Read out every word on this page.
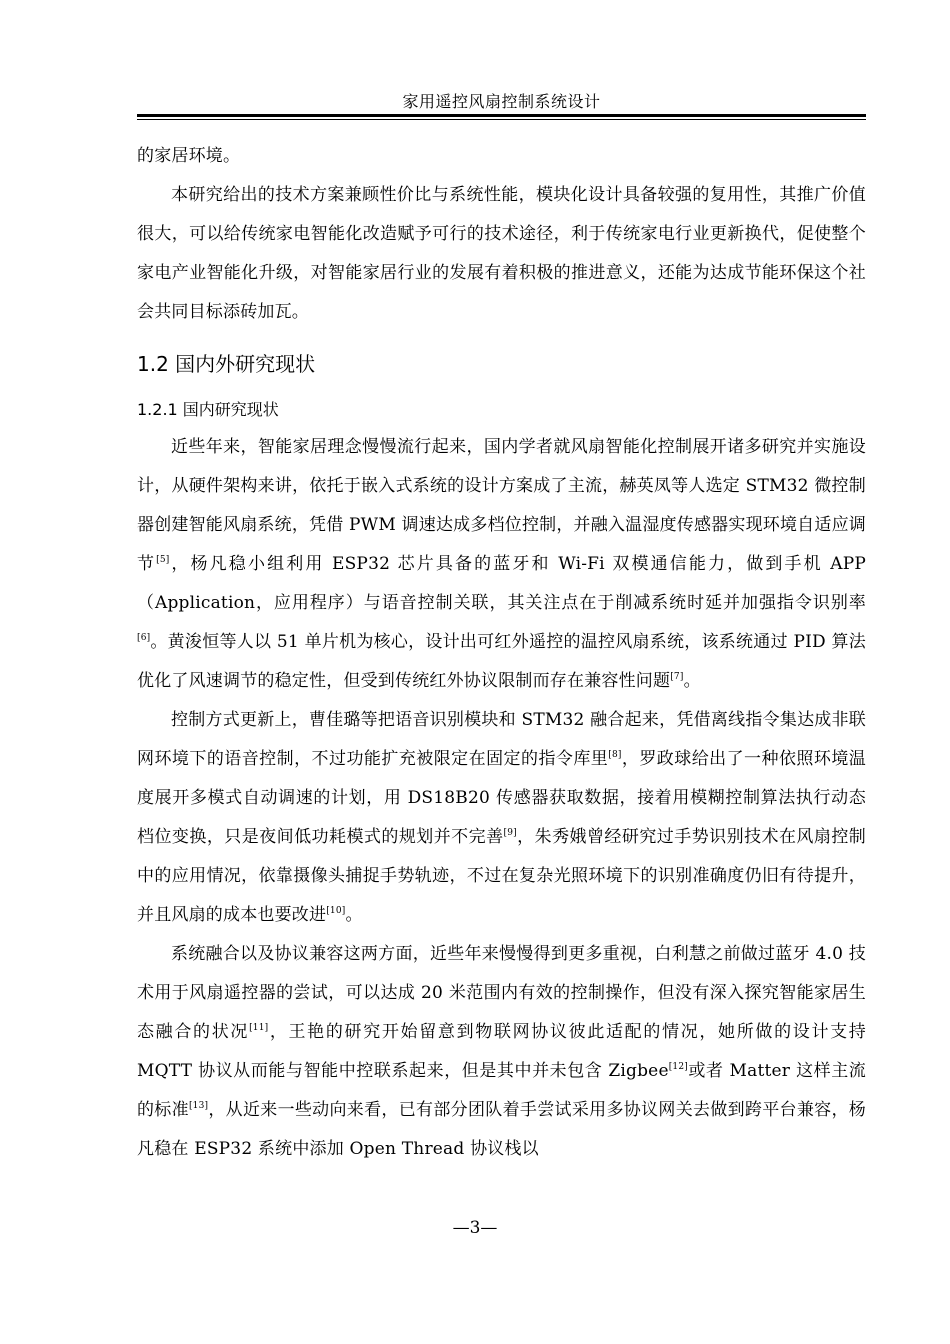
家用遥控风扇控制系统设计

的家居环境。

本研究给出的技术方案兼顾性价比与系统性能，模块化设计具备较强的复用性，其推广价值很大，可以给传统家电智能化改造赋予可行的技术途径，利于传统家电行业更新换代，促使整个家电产业智能化升级，对智能家居行业的发展有着积极的推进意义，还能为达成节能环保这个社会共同目标添砖加瓦。

1.2 国内外研究现状
1.2.1 国内研究现状

近些年来，智能家居理念慢慢流行起来，国内学者就风扇智能化控制展开诸多研究并实施设计，从硬件架构来讲，依托于嵌入式系统的设计方案成了主流，赫英凤等人选定 STM32 微控制器创建智能风扇系统，凭借 PWM 调速达成多档位控制，并融入温湿度传感器实现环境自适应调节[5]，杨凡稳小组利用 ESP32 芯片具备的蓝牙和 Wi-Fi 双模通信能力，做到手机 APP（Application，应用程序）与语音控制关联，其关注点在于削减系统时延并加强指令识别率[6]。黄浚恒等人以 51 单片机为核心，设计出可红外遥控的温控风扇系统，该系统通过 PID 算法优化了风速调节的稳定性，但受到传统红外协议限制而存在兼容性问题[7]。

控制方式更新上，曹佳璐等把语音识别模块和 STM32 融合起来，凭借离线指令集达成非联网环境下的语音控制，不过功能扩充被限定在固定的指令库里[8]，罗政球给出了一种依照环境温度展开多模式自动调速的计划，用 DS18B20 传感器获取数据，接着用模糊控制算法执行动态档位变换，只是夜间低功耗模式的规划并不完善[9]，朱秀娥曾经研究过手势识别技术在风扇控制中的应用情况，依靠摄像头捕捉手势轨迹，不过在复杂光照环境下的识别准确度仍旧有待提升，并且风扇的成本也要改进[10]。

系统融合以及协议兼容这两方面，近些年来慢慢得到更多重视，白利慧之前做过蓝牙 4.0 技术用于风扇遥控器的尝试，可以达成 20 米范围内有效的控制操作，但没有深入探究智能家居生态融合的状况[11]，王艳的研究开始留意到物联网协议彼此适配的情况，她所做的设计支持 MQTT 协议从而能与智能中控联系起来，但是其中并未包含 Zigbee[12]或者 Matter 这样主流的标准[13]，从近来一些动向来看，已有部分团队着手尝试采用多协议网关去做到跨平台兼容，杨凡稳在 ESP32 系统中添加 Open Thread 协议栈以

—3—
